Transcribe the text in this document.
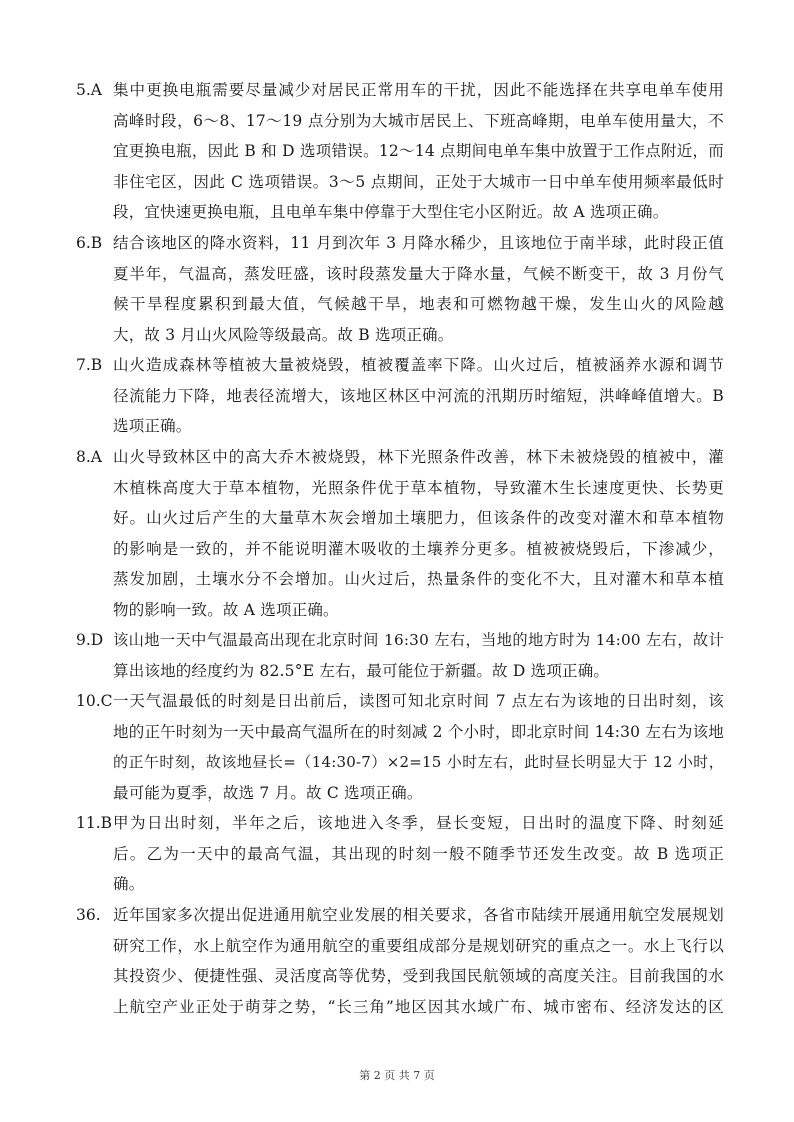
5.A 集中更换电瓶需要尽量减少对居民正常用车的干扰，因此不能选择在共享电单车使用
高峰时段，6～8、17～19 点分别为大城市居民上、下班高峰期，电单车使用量大，不
宜更换电瓶，因此 B 和 D 选项错误。12～14 点期间电单车集中放置于工作点附近，而
非住宅区，因此 C 选项错误。3～5 点期间，正处于大城市一日中单车使用频率最低时
段，宜快速更换电瓶，且电单车集中停靠于大型住宅小区附近。故 A 选项正确。
6.B 结合该地区的降水资料，11 月到次年 3 月降水稀少，且该地位于南半球，此时段正值
夏半年，气温高，蒸发旺盛，该时段蒸发量大于降水量，气候不断变干，故 3 月份气
候干旱程度累积到最大值，气候越干旱，地表和可燃物越干燥，发生山火的风险越
大，故 3 月山火风险等级最高。故 B 选项正确。
7.B 山火造成森林等植被大量被烧毁，植被覆盖率下降。山火过后，植被涵养水源和调节
径流能力下降，地表径流增大，该地区林区中河流的汛期历时缩短，洪峰峰值增大。B
选项正确。
8.A 山火导致林区中的高大乔木被烧毁，林下光照条件改善，林下未被烧毁的植被中，灌
木植株高度大于草本植物，光照条件优于草本植物，导致灌木生长速度更快、长势更
好。山火过后产生的大量草木灰会增加土壤肥力，但该条件的改变对灌木和草本植物
的影响是一致的，并不能说明灌木吸收的土壤养分更多。植被被烧毁后，下渗减少，
蒸发加剧，土壤水分不会增加。山火过后，热量条件的变化不大，且对灌木和草本植
物的影响一致。故 A 选项正确。
9.D 该山地一天中气温最高出现在北京时间 16:30 左右，当地的地方时为 14:00 左右，故计
算出该地的经度约为 82.5°E 左右，最可能位于新疆。故 D 选项正确。
10.C 一天气温最低的时刻是日出前后，读图可知北京时间 7 点左右为该地的日出时刻，该
地的正午时刻为一天中最高气温所在的时刻减 2 个小时，即北京时间 14:30 左右为该地
的正午时刻，故该地昼长=（14:30-7）×2=15 小时左右，此时昼长明显大于 12 小时，
最可能为夏季，故选 7 月。故 C 选项正确。
11.B 甲为日出时刻，半年之后，该地进入冬季，昼长变短，日出时的温度下降、时刻延
后。乙为一天中的最高气温，其出现的时刻一般不随季节还发生改变。故 B 选项正
确。
36. 近年国家多次提出促进通用航空业发展的相关要求，各省市陆续开展通用航空发展规划
研究工作，水上航空作为通用航空的重要组成部分是规划研究的重点之一。水上飞行以
其投资少、便捷性强、灵活度高等优势，受到我国民航领域的高度关注。目前我国的水
上航空产业正处于萌芽之势，“长三角”地区因其水域广布、城市密布、经济发达的区
第 2 页 共 7 页
